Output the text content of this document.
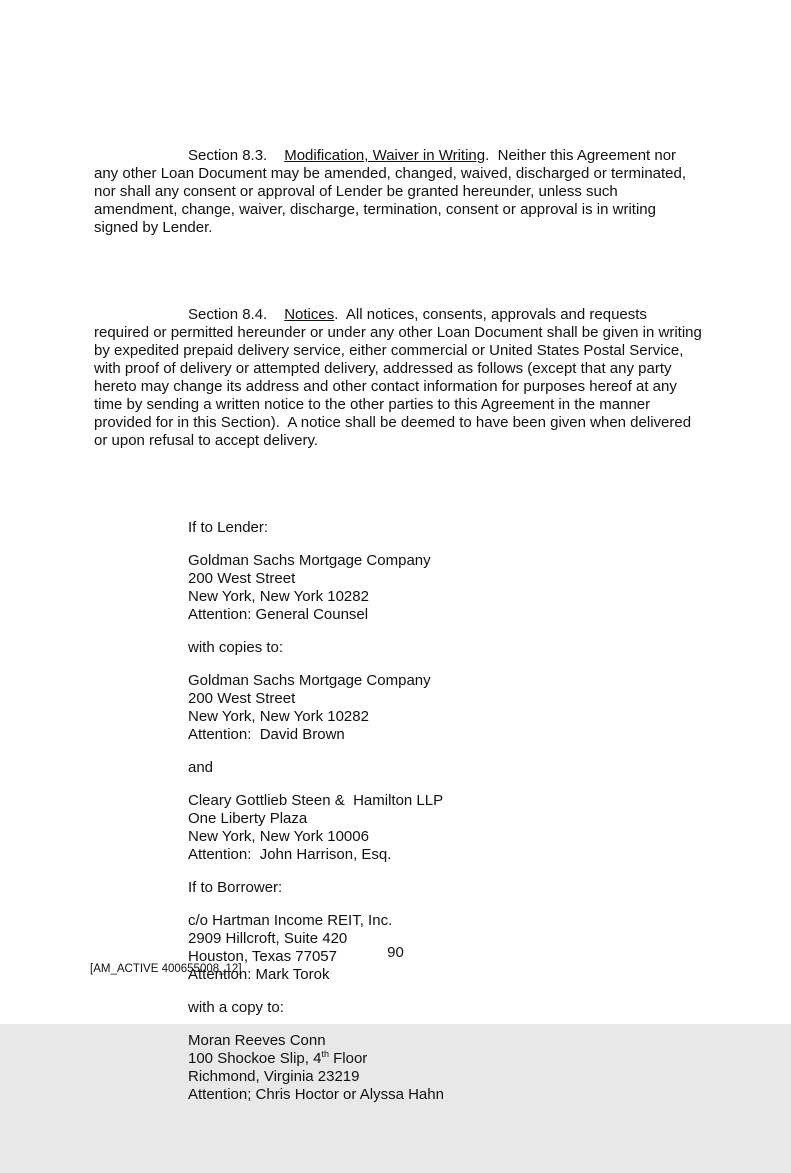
Section 8.3. Modification, Waiver in Writing.  Neither this Agreement nor any other Loan Document may be amended, changed, waived, discharged or terminated, nor shall any consent or approval of Lender be granted hereunder, unless such amendment, change, waiver, discharge, termination, consent or approval is in writing signed by Lender.

Section 8.4. Notices.  All notices, consents, approvals and requests required or permitted hereunder or under any other Loan Document shall be given in writing by expedited prepaid delivery service, either commercial or United States Postal Service, with proof of delivery or attempted delivery, addressed as follows (except that any party hereto may change its address and other contact information for purposes hereof at any time by sending a written notice to the other parties to this Agreement in the manner provided for in this Section).  A notice shall be deemed to have been given when delivered or upon refusal to accept delivery.

If to Lender:
Goldman Sachs Mortgage Company
200 West Street
New York, New York 10282
Attention: General Counsel
with copies to:
Goldman Sachs Mortgage Company
200 West Street
New York, New York 10282
Attention:  David Brown
and
Cleary Gottlieb Steen &  Hamilton LLP
One Liberty Plaza
New York, New York 10006
Attention:  John Harrison, Esq.
If to Borrower:
c/o Hartman Income REIT, Inc.
2909 Hillcroft, Suite 420
Houston, Texas 77057
Attention: Mark Torok
with a copy to:
Moran Reeves Conn
100 Shockoe Slip, 4th Floor
Richmond, Virginia 23219
Attention; Chris Hoctor or Alyssa Hahn

90
[AM_ACTIVE 400655008_12]
